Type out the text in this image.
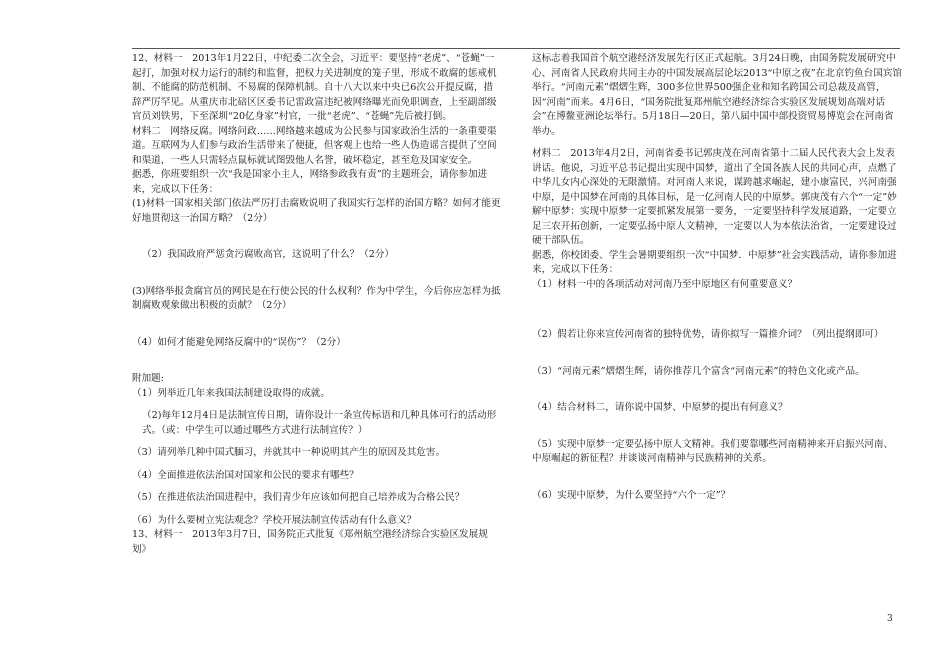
12、材料一　2013年1月22日，中纪委二次全会，习近平：要坚持“老虎”、“苍蝇”一起打，加强对权力运行的制约和监督，把权力关进制度的笼子里，形成不敢腐的惩戒机制、不能腐的防范机制、不易腐的保障机制。自十八大以来中央已6次公开提反腐，措辞严厉罕见。从重庆市北碚区区委书记雷政富违纪被网络曝光而免职调查，上至副部级官员刘铁男，下至深圳“20亿身家”村官，一批“老虎”、“苍蝇”先后被打倒。

材料二　网络反腐。网络问政……网络越来越成为公民参与国家政治生活的一条重要渠道。互联网为人们参与政治生活带来了便捷，但客观上也给一些人伪造谣言提供了空间和渠道，一些人只需轻点鼠标就试图毁他人名誉，破坏稳定，甚至危及国家安全。

据悉，你班要组织一次“我是国家小主人，网络参政我有责”的主题班会，请你参加进来，完成以下任务：

(1)材料一国家相关部门依法严厉打击腐败说明了我国实行怎样的治国方略？如何才能更好地贯彻这一治国方略？（2分）

（2）我国政府严惩贪污腐败高官，这说明了什么？（2分）

(3)网络举报贪腐官员的网民是在行使公民的什么权利？作为中学生，今后你应怎样为抵制腐败观象做出积极的贡献？（2分）

（4）如何才能避免网络反腐中的“误伤”？（2分）

附加题:

（1）列举近几年来我国法制建设取得的成就。

（2)每年12月4日是法制宣传日期，请你设计一条宣传标语和几种具体可行的活动形式。（或：中学生可以通过哪些方式进行法制宣传？）

（3）请列举几种中国式腼习，并就其中一种说明其产生的原因及其危害。

（4）全面推进依法治国对国家和公民的要求有哪些？

（5）在推进依法治国进程中，我们青少年应该如何把自己培养成为合格公民？

（6）为什么要树立宪法观念？学校开展法制宣传活动有什么意义？

13、材料一　2013年3月7日，国务院正式批复《郑州航空港经济综合实验区发展规划》

这标志着我国首个航空港经济发展先行区正式起航。3月24日晚，由国务院发展研究中心、河南省人民政府共同主办的中国发展高层论坛2013“中原之夜”在北京钓鱼台国宾馆举行。“河南元素”熠熠生辉，300多位世界500强企业和知名跨国公司总裁及高管，因“河南”而来。4月6日，“国务院批复郑州航空港经济综合实验区发展规划高端对话会”在博鳌亚洲论坛举行。5月18日—20日，第八届中国中部投资贸易博览会在河南省举办。

材料二　2013年4月2日，河南省委书记郭庚茂在河南省第十二届人民代表大会上发表讲话。他说，习近平总书记提出实现中国梦，道出了全国各族人民的共同心声，点燃了中华儿女内心深处的无限激情。对河南人来说，谋跨越求崛起，建小康富民，兴河南强中原，是中国梦在河南的具体目标，是一亿河南人民的中原梦。郭庚茂有六个“一定”妙解中原梦：实现中原梦一定要抓紧发展第一要务，一定要坚持科学发展道路，一定要立足三农开拓创新，一定要弘扬中原人文精神，一定要以人为本依法治省，一定要建设过硬干部队伍。

据悉，你校团委、学生会暑期要组织一次“中国梦．中原梦”社会实践活动，请你参加进来，完成以下任务：

（1）材料一中的各项活动对河南乃至中原地区有何重要意义？

（2）假若让你来宣传河南省的独特优势，请你拟写一篇推介词？（列出提纲即可）

（3）“河南元素”熠熠生辉，请你推荐几个富含“河南元素”的特色文化或产品。

（4）结合材料二，请你说中国梦、中原梦的提出有何意义？

（5）实现中原梦一定要弘扬中原人文精神。我们要靠哪些河南精神来开启振兴河南、中原崛起的新征程？并谈谈河南精神与民族精神的关系。

（6）实现中原梦，为什么要坚持“六个一定”？

3
